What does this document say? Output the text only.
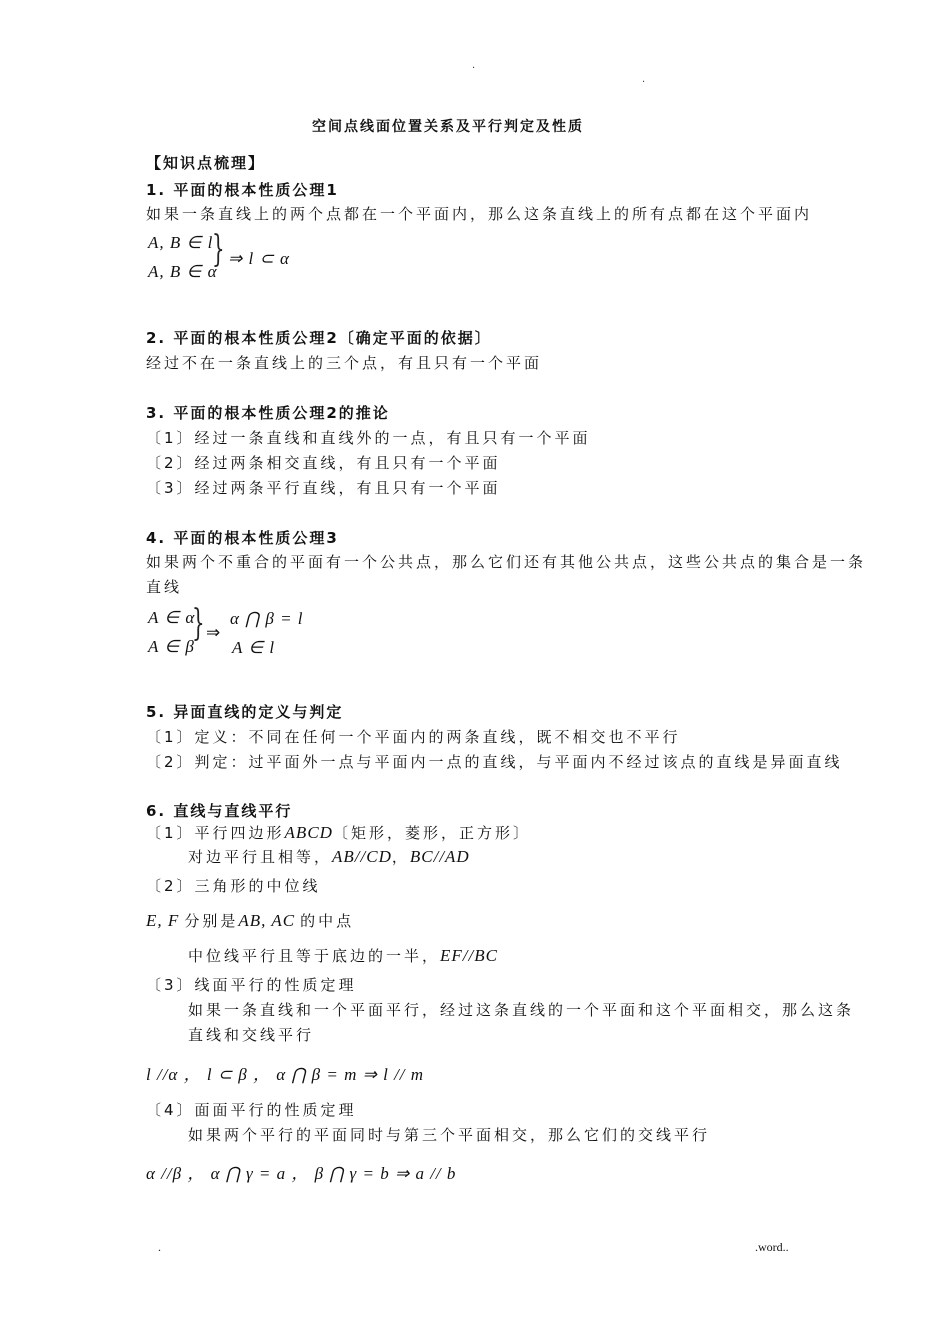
.
.
空间点线面位置关系及平行判定及性质
【知识点梳理】
1. 平面的根本性质公理1
如果一条直线上的两个点都在一个平面内，那么这条直线上的所有点都在这个平面内
A, B ∈ l
A, B ∈ α
} ⇒ l ⊂ α
2. 平面的根本性质公理2〔确定平面的依据〕
经过不在一条直线上的三个点，有且只有一个平面
3. 平面的根本性质公理2的推论
〔1〕经过一条直线和直线外的一点，有且只有一个平面
〔2〕经过两条相交直线，有且只有一个平面
〔3〕经过两条平行直线，有且只有一个平面
4. 平面的根本性质公理3
如果两个不重合的平面有一个公共点，那么它们还有其他公共点，这些公共点的集合是一条
直线
A ∈ α
A ∈ β
} ⇒
α ⋂ β = l
A ∈ l
5. 异面直线的定义与判定
〔1〕定义：不同在任何一个平面内的两条直线，既不相交也不平行
〔2〕判定：过平面外一点与平面内一点的直线，与平面内不经过该点的直线是异面直线
6. 直线与直线平行
〔1〕平行四边形ABCD〔矩形，菱形，正方形〕
对边平行且相等，AB//CD，BC//AD
〔2〕三角形的中位线
E, F 分别是AB, AC 的中点
中位线平行且等于底边的一半，EF//BC
〔3〕线面平行的性质定理
如果一条直线和一个平面平行，经过这条直线的一个平面和这个平面相交，那么这条
直线和交线平行
l //α ， l ⊂ β ， α ⋂ β = m ⇒ l // m
〔4〕面面平行的性质定理
如果两个平行的平面同时与第三个平面相交，那么它们的交线平行
α //β ， α ⋂ γ = a ， β ⋂ γ = b ⇒ a // b
.	.word..
